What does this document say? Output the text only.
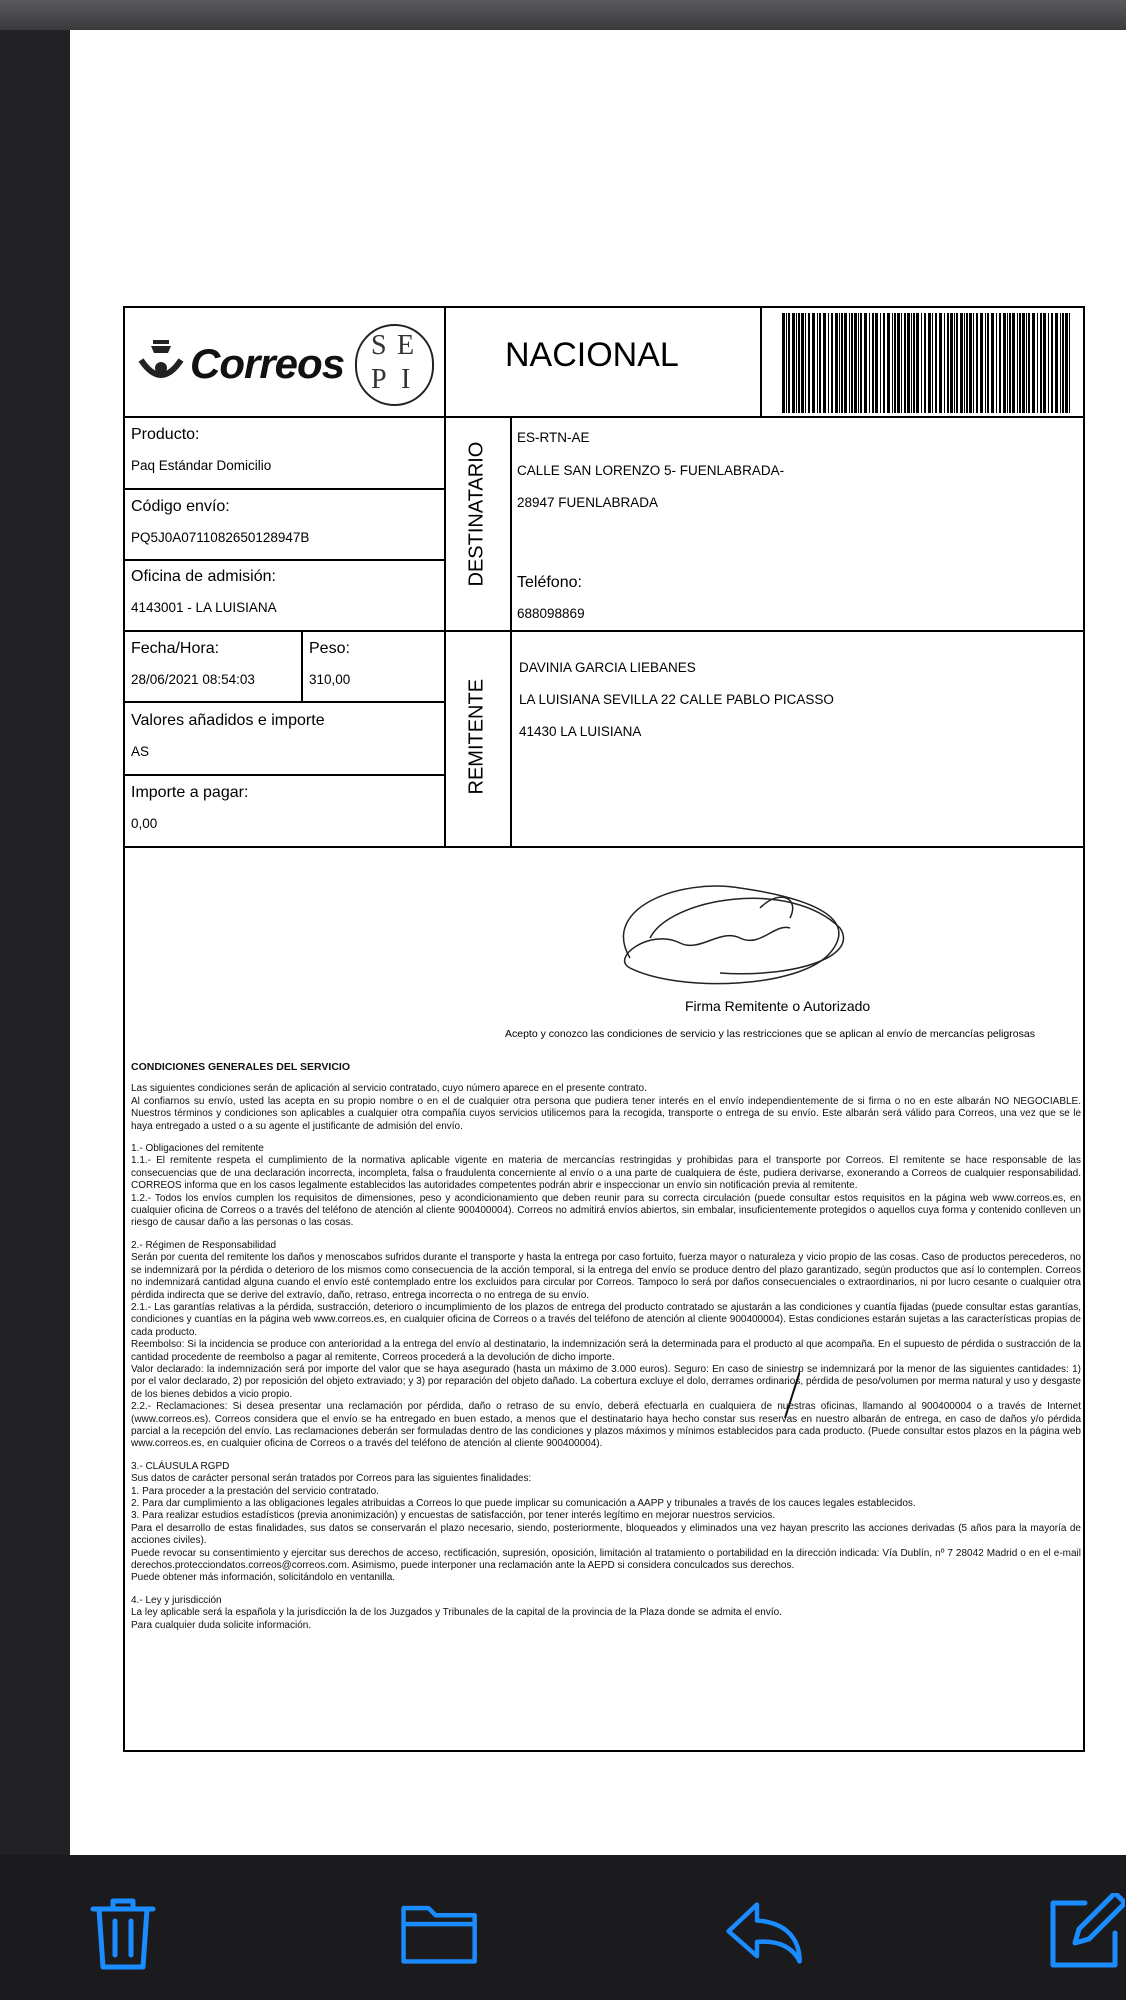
Correos S E
P I
NACIONAL
Producto:
Paq Estándar Domicilio
Código envío:
PQ5J0A0711082650128947B
Oficina de admisión:
4143001 - LA LUISIANA
Fecha/Hora:
28/06/2021 08:54:03
Peso:
310,00
Valores añadidos e importe
AS
Importe a pagar:
0,00
DESTINATARIO
REMITENTE
ES-RTN-AE
CALLE SAN LORENZO 5- FUENLABRADA-
28947 FUENLABRADA
Teléfono:
688098869
DAVINIA GARCIA LIEBANES
LA LUISIANA SEVILLA 22 CALLE PABLO PICASSO
41430 LA LUISIANA
Firma Remitente o Autorizado
Acepto y conozco las condiciones de servicio y las restricciones que se aplican al envío de mercancías peligrosas
CONDICIONES GENERALES DEL SERVICIO

Las siguientes condiciones serán de aplicación al servicio contratado, cuyo número aparece en el presente contrato.

Al confiarnos su envío, usted las acepta en su propio nombre o en el de cualquier otra persona que pudiera tener interés en el envío independientemente de si firma o no en este albarán NO NEGOCIABLE. Nuestros términos y condiciones son aplicables a cualquier otra compañía cuyos servicios utilicemos para la recogida, transporte o entrega de su envío. Este albarán será válido para Correos, una vez que se le haya entregado a usted o a su agente el justificante de admisión del envío.

1.- Obligaciones del remitente

1.1.- El remitente respeta el cumplimiento de la normativa aplicable vigente en materia de mercancías restringidas y prohibidas para el transporte por Correos. El remitente se hace responsable de las consecuencias que de una declaración incorrecta, incompleta, falsa o fraudulenta concerniente al envío o a una parte de cualquiera de éste, pudiera derivarse, exonerando a Correos de cualquier responsabilidad. CORREOS informa que en los casos legalmente establecidos las autoridades competentes podrán abrir e inspeccionar un envío sin notificación previa al remitente.

1.2.- Todos los envíos cumplen los requisitos de dimensiones, peso y acondicionamiento que deben reunir para su correcta circulación (puede consultar estos requisitos en la página web www.correos.es, en cualquier oficina de Correos o a través del teléfono de atención al cliente 900400004). Correos no admitirá envíos abiertos, sin embalar, insuficientemente protegidos o aquellos cuya forma y contenido conlleven un riesgo de causar daño a las personas o las cosas.

2.- Régimen de Responsabilidad

Serán por cuenta del remitente los daños y menoscabos sufridos durante el transporte y hasta la entrega por caso fortuito, fuerza mayor o naturaleza y vicio propio de las cosas. Caso de productos perecederos, no se indemnizará por la pérdida o deterioro de los mismos como consecuencia de la acción temporal, si la entrega del envío se produce dentro del plazo garantizado, según productos que así lo contemplen. Correos no indemnizará cantidad alguna cuando el envío esté contemplado entre los excluidos para circular por Correos. Tampoco lo será por daños consecuenciales o extraordinarios, ni por lucro cesante o cualquier otra pérdida indirecta que se derive del extravío, daño, retraso, entrega incorrecta o no entrega de su envío.

2.1.- Las garantías relativas a la pérdida, sustracción, deterioro o incumplimiento de los plazos de entrega del producto contratado se ajustarán a las condiciones y cuantía fijadas (puede consultar estas garantías, condiciones y cuantías en la página web www.correos.es, en cualquier oficina de Correos o a través del teléfono de atención al cliente 900400004). Estas condiciones estarán sujetas a las características propias de cada producto.

Reembolso: Si la incidencia se produce con anterioridad a la entrega del envío al destinatario, la indemnización será la determinada para el producto al que acompaña. En el supuesto de pérdida o sustracción de la cantidad procedente de reembolso a pagar al remitente, Correos procederá a la devolución de dicho importe.

Valor declarado: la indemnización será por importe del valor que se haya asegurado (hasta un máximo de 3.000 euros). Seguro: En caso de siniestro se indemnizará por la menor de las siguientes cantidades: 1) por el valor declarado, 2) por reposición del objeto extraviado; y 3) por reparación del objeto dañado. La cobertura excluye el dolo, derrames ordinarios, pérdida de peso/volumen por merma natural y uso y desgaste de los bienes debidos a vicio propio.

2.2.- Reclamaciones: Si desea presentar una reclamación por pérdida, daño o retraso de su envío, deberá efectuarla en cualquiera de nuestras oficinas, llamando al 900400004 o a través de Internet (www.correos.es). Correos considera que el envío se ha entregado en buen estado, a menos que el destinatario haya hecho constar sus reservas en nuestro albarán de entrega, en caso de daños y/o pérdida parcial a la recepción del envío. Las reclamaciones deberán ser formuladas dentro de las condiciones y plazos máximos y mínimos establecidos para cada producto. (Puede consultar estos plazos en la página web www.correos.es, en cualquier oficina de Correos o a través del teléfono de atención al cliente 900400004).

3.- CLÁUSULA RGPD

Sus datos de carácter personal serán tratados por Correos para las siguientes finalidades:

1. Para proceder a la prestación del servicio contratado.

2. Para dar cumplimiento a las obligaciones legales atribuidas a Correos lo que puede implicar su comunicación a AAPP y tribunales a través de los cauces legales establecidos.

3. Para realizar estudios estadísticos (previa anonimización) y encuestas de satisfacción, por tener interés legítimo en mejorar nuestros servicios.

Para el desarrollo de estas finalidades, sus datos se conservarán el plazo necesario, siendo, posteriormente, bloqueados y eliminados una vez hayan prescrito las acciones derivadas (5 años para la mayoría de acciones civiles).

Puede revocar su consentimiento y ejercitar sus derechos de acceso, rectificación, supresión, oposición, limitación al tratamiento o portabilidad en la dirección indicada: Vía Dublín, nº 7 28042 Madrid o en el e-mail derechos.protecciondatos.correos@correos.com. Asimismo, puede interponer una reclamación ante la AEPD si considera conculcados sus derechos.

Puede obtener más información, solicitándolo en ventanilla.

4.- Ley y jurisdicción

La ley aplicable será la española y la jurisdicción la de los Juzgados y Tribunales de la capital de la provincia de la Plaza donde se admita el envío.

Para cualquier duda solicite información.
